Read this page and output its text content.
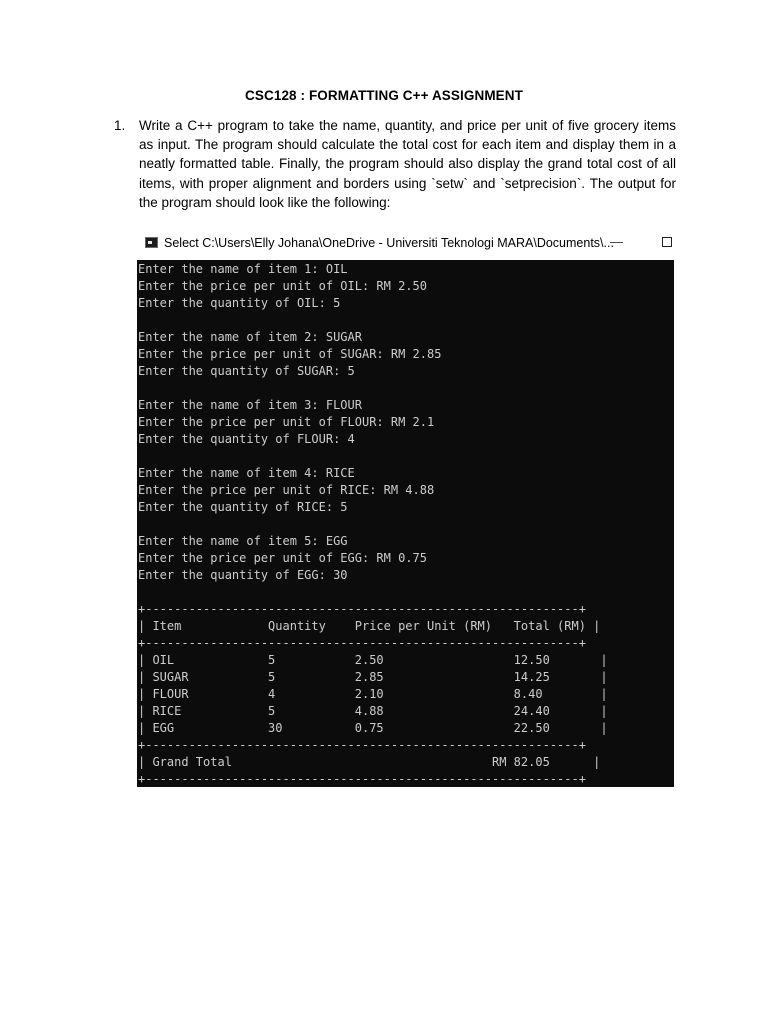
CSC128 : FORMATTING C++ ASSIGNMENT
1. Write a C++ program to take the name, quantity, and price per unit of five grocery items as input. The program should calculate the total cost for each item and display them in a neatly formatted table. Finally, the program should also display the grand total cost of all items, with proper alignment and borders using `setw` and `setprecision`. The output for the program should look like the following:
Select C:\Users\Elly Johana\OneDrive - Universiti Teknologi MARA\Documents\...
—
Enter the name of item 1: OIL
Enter the price per unit of OIL: RM 2.50
Enter the quantity of OIL: 5
Enter the name of item 2: SUGAR
Enter the price per unit of SUGAR: RM 2.85
Enter the quantity of SUGAR: 5
Enter the name of item 3: FLOUR
Enter the price per unit of FLOUR: RM 2.1
Enter the quantity of FLOUR: 4
Enter the name of item 4: RICE
Enter the price per unit of RICE: RM 4.88
Enter the quantity of RICE: 5
Enter the name of item 5: EGG
Enter the price per unit of EGG: RM 0.75
Enter the quantity of EGG: 30
+------------------------------------------------------------+
| Item            Quantity    Price per Unit (RM)   Total (RM) |
+------------------------------------------------------------+
| OIL             5           2.50                  12.50       |
| SUGAR           5           2.85                  14.25       |
| FLOUR           4           2.10                  8.40        |
| RICE            5           4.88                  24.40       |
| EGG             30          0.75                  22.50       |
+------------------------------------------------------------+
| Grand Total                                    RM 82.05      |
+------------------------------------------------------------+
